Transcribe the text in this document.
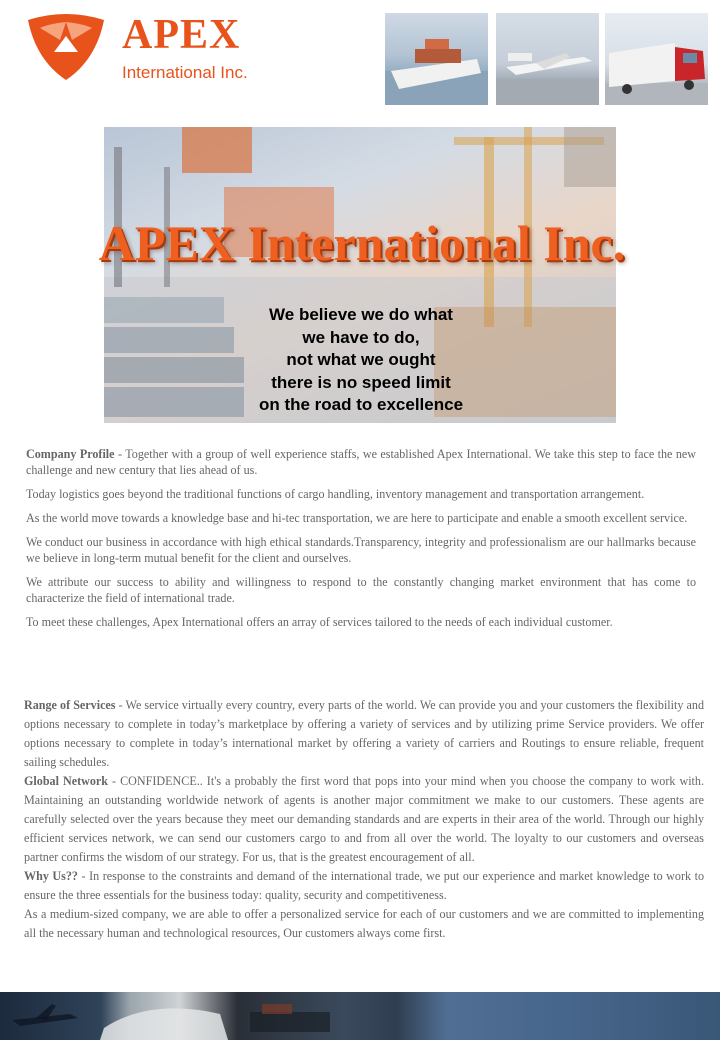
APEX
International Inc.
APEX International Inc.
We believe we do what
we have to do,
not what we ought
there is no speed limit
on the road to excellence

Company Profile - Together with a group of well experience staffs, we established Apex International. We take this step to face the new challenge and new century that lies ahead of us.

Today logistics goes beyond the traditional functions of cargo handling, inventory management and transportation arrangement.

As the world move towards a knowledge base and hi-tec transportation, we are here to participate and enable a smooth excellent service.

We conduct our business in accordance with high ethical standards.Transparency, integrity and professionalism are our hallmarks because we believe in long-term mutual benefit for the client and ourselves.

We attribute our success to ability and willingness to respond to the constantly changing market environment that has come to characterize the field of international trade.

To meet these challenges, Apex International offers an array of services tailored to the needs of each individual customer.

Range of Services - We service virtually every country, every parts of the world. We can provide you and your customers the flexibility and options necessary to complete in today’s marketplace by offering a variety of services and by utilizing prime Service providers. We offer options necessary to complete in today’s international market by offering a variety of carriers and Routings to ensure reliable, frequent sailing schedules.

Global Network - CONFIDENCE.. It's a probably the first word that pops into your mind when you choose the company to work with. Maintaining an outstanding worldwide network of agents is another major commitment we make to our customers. These agents are carefully selected over the years because they meet our demanding standards and are experts in their area of the world. Through our highly efficient services network, we can send our customers cargo to and from all over the world. The loyalty to our customers and overseas partner confirms the wisdom of our strategy. For us, that is the greatest encouragement of all.

Why Us?? - In response to the constraints and demand of the international trade, we put our experience and market knowledge to work to ensure the three essentials for the business today: quality, security and competitiveness.

As a medium-sized company, we are able to offer a personalized service for each of our customers and we are committed to implementing all the necessary human and technological resources, Our customers always come first.
